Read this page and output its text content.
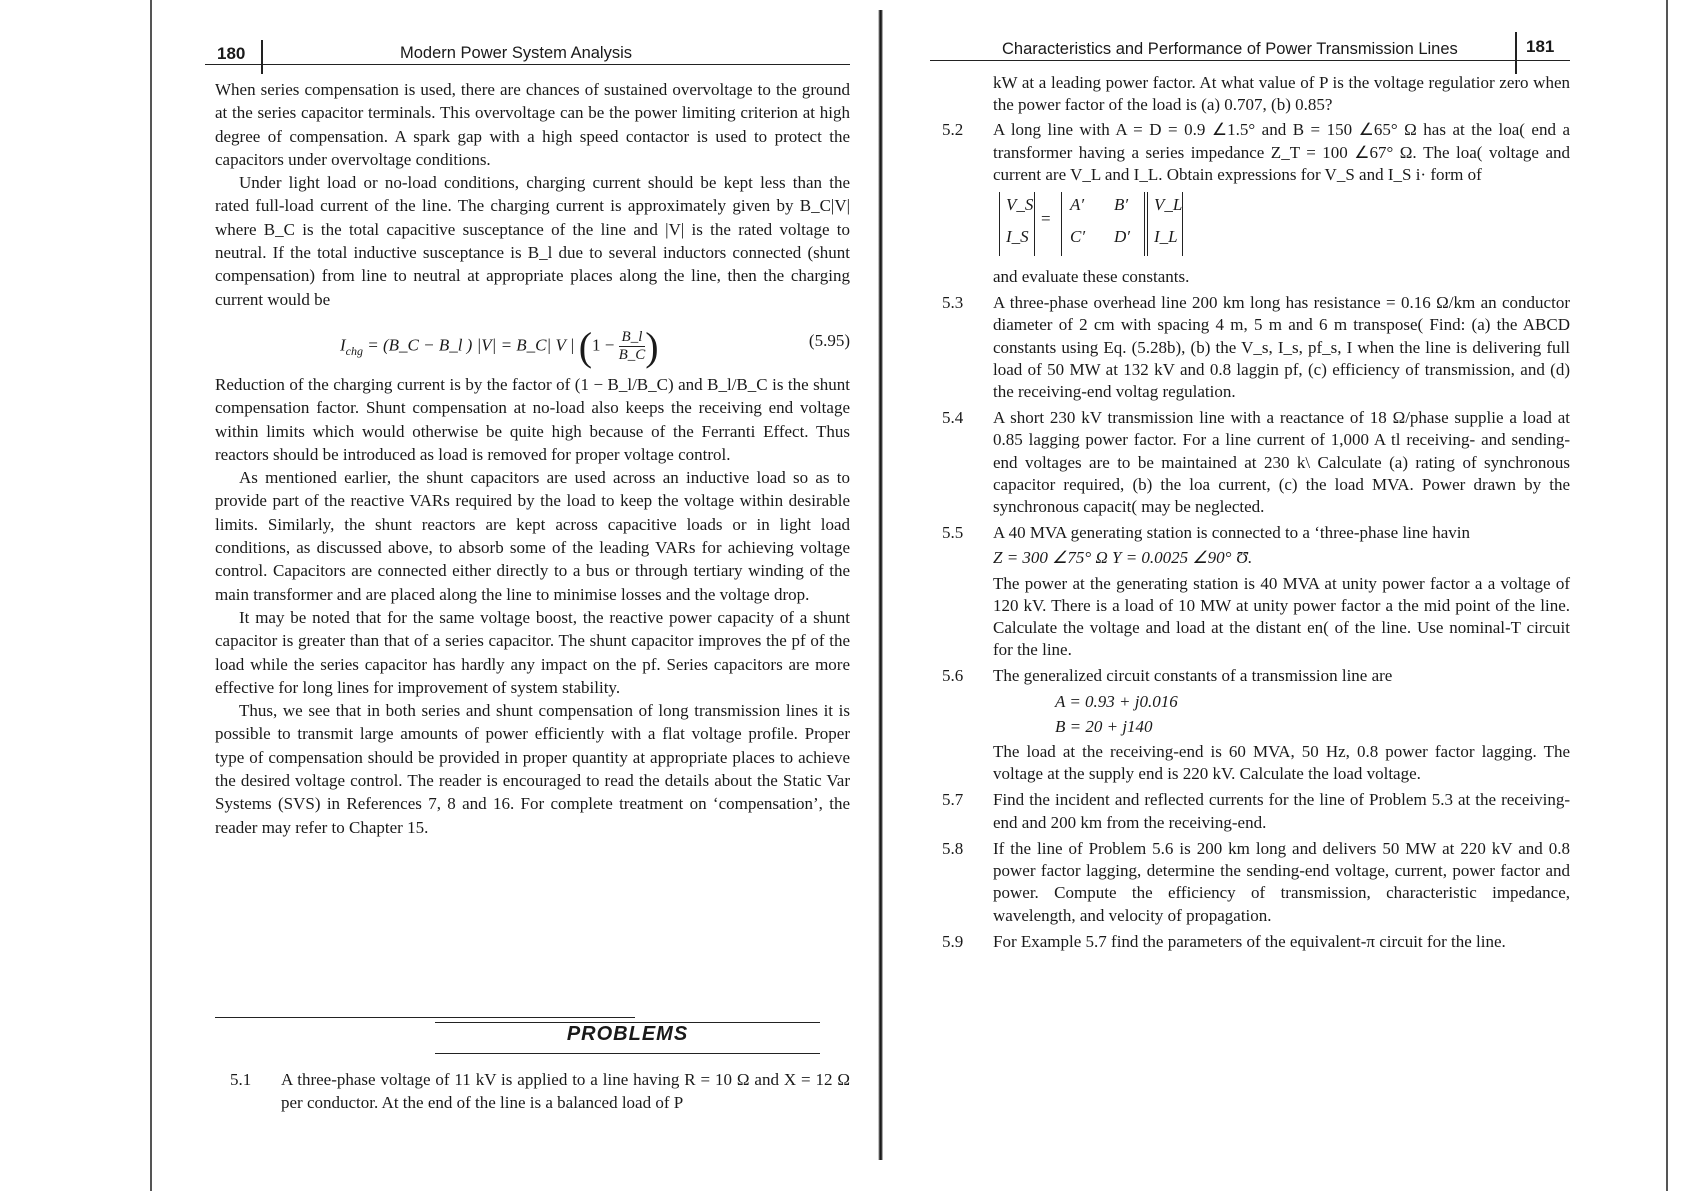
180	Modern Power System Analysis

When series compensation is used, there are chances of sustained overvoltage to the ground at the series capacitor terminals. This overvoltage can be the power limiting criterion at high degree of compensation. A spark gap with a high speed contactor is used to protect the capacitors under overvoltage conditions.

Under light load or no-load conditions, charging current should be kept less than the rated full-load current of the line. The charging current is approximately given by B_C|V| where B_C is the total capacitive susceptance of the line and |V| is the rated voltage to neutral. If the total inductive susceptance is B_l due to several inductors connected (shunt compensation) from line to neutral at appropriate places along the line, then the charging current would be

$I_{chg}$ = (B_C − B_l ) |V| = B_C| V | ($1 - \frac{B\_l}{B\_C}$ )	(5.95)

Reduction of the charging current is by the factor of (1 − B_l/B_C) and B_l/B_C is the shunt compensation factor. Shunt compensation at no-load also keeps the receiving end voltage within limits which would otherwise be quite high because of the Ferranti Effect. Thus reactors should be introduced as load is removed for proper voltage control.

As mentioned earlier, the shunt capacitors are used across an inductive load so as to provide part of the reactive VARs required by the load to keep the voltage within desirable limits. Similarly, the shunt reactors are kept across capacitive loads or in light load conditions, as discussed above, to absorb some of the leading VARs for achieving voltage control. Capacitors are connected either directly to a bus or through tertiary winding of the main transformer and are placed along the line to minimise losses and the voltage drop.

It may be noted that for the same voltage boost, the reactive power capacity of a shunt capacitor is greater than that of a series capacitor. The shunt capacitor improves the pf of the load while the series capacitor has hardly any impact on the pf. Series capacitors are more effective for long lines for improvement of system stability.

Thus, we see that in both series and shunt compensation of long transmission lines it is possible to transmit large amounts of power efficiently with a flat voltage profile. Proper type of compensation should be provided in proper quantity at appropriate places to achieve the desired voltage control. The reader is encouraged to read the details about the Static Var Systems (SVS) in References 7, 8 and 16. For complete treatment on ‘compensation’, the reader may refer to Chapter 15.

PROBLEMS
5.1 A three-phase voltage of 11 kV is applied to a line having R = 10 Ω and X = 12 Ω per conductor. At the end of the line is a balanced load of P
Characteristics and Performance of Power Transmission Lines	181

kW at a leading power factor. At what value of P is the voltage regulatior zero when the power factor of the load is (a) 0.707, (b) 0.85?

5.2 A long line with A = D = 0.9 ∠1.5° and B = 150 ∠65° Ω has at the loa( end a transformer having a series impedance Z_T = 100 ∠67° Ω. The loa( voltage and current are V_L and I_L. Obtain expressions for V_S and I_S i· form of
V_S
I_S
=
A′ B′
C′ D′
V_L
I_L

and evaluate these constants.

5.3 A three-phase overhead line 200 km long has resistance = 0.16 Ω/km an conductor diameter of 2 cm with spacing 4 m, 5 m and 6 m transpose( Find: (a) the ABCD constants using Eq. (5.28b), (b) the V_s, I_s, pf_s, I when the line is delivering full load of 50 MW at 132 kV and 0.8 laggin pf, (c) efficiency of transmission, and (d) the receiving-end voltag regulation.
5.4 A short 230 kV transmission line with a reactance of 18 Ω/phase supplie a load at 0.85 lagging power factor. For a line current of 1,000 A tl receiving- and sending-end voltages are to be maintained at 230 k\ Calculate (a) rating of synchronous capacitor required, (b) the loa current, (c) the load MVA. Power drawn by the synchronous capacit( may be neglected.
5.5 A 40 MVA generating station is connected to a ‘three-phase line havin

Z = 300 ∠75° Ω Y = 0.0025 ∠90° Ʊ.

The power at the generating station is 40 MVA at unity power factor a a voltage of 120 kV. There is a load of 10 MW at unity power factor a the mid point of the line. Calculate the voltage and load at the distant en( of the line. Use nominal-T circuit for the line.

5.6 The generalized circuit constants of a transmission line are

A = 0.93 + j0.016

B = 20 + j140

The load at the receiving-end is 60 MVA, 50 Hz, 0.8 power factor lagging. The voltage at the supply end is 220 kV. Calculate the load voltage.

5.7 Find the incident and reflected currents for the line of Problem 5.3 at the receiving-end and 200 km from the receiving-end.
5.8 If the line of Problem 5.6 is 200 km long and delivers 50 MW at 220 kV and 0.8 power factor lagging, determine the sending-end voltage, current, power factor and power. Compute the efficiency of transmission, characteristic impedance, wavelength, and velocity of propagation.
5.9 For Example 5.7 find the parameters of the equivalent-π circuit for the line.
